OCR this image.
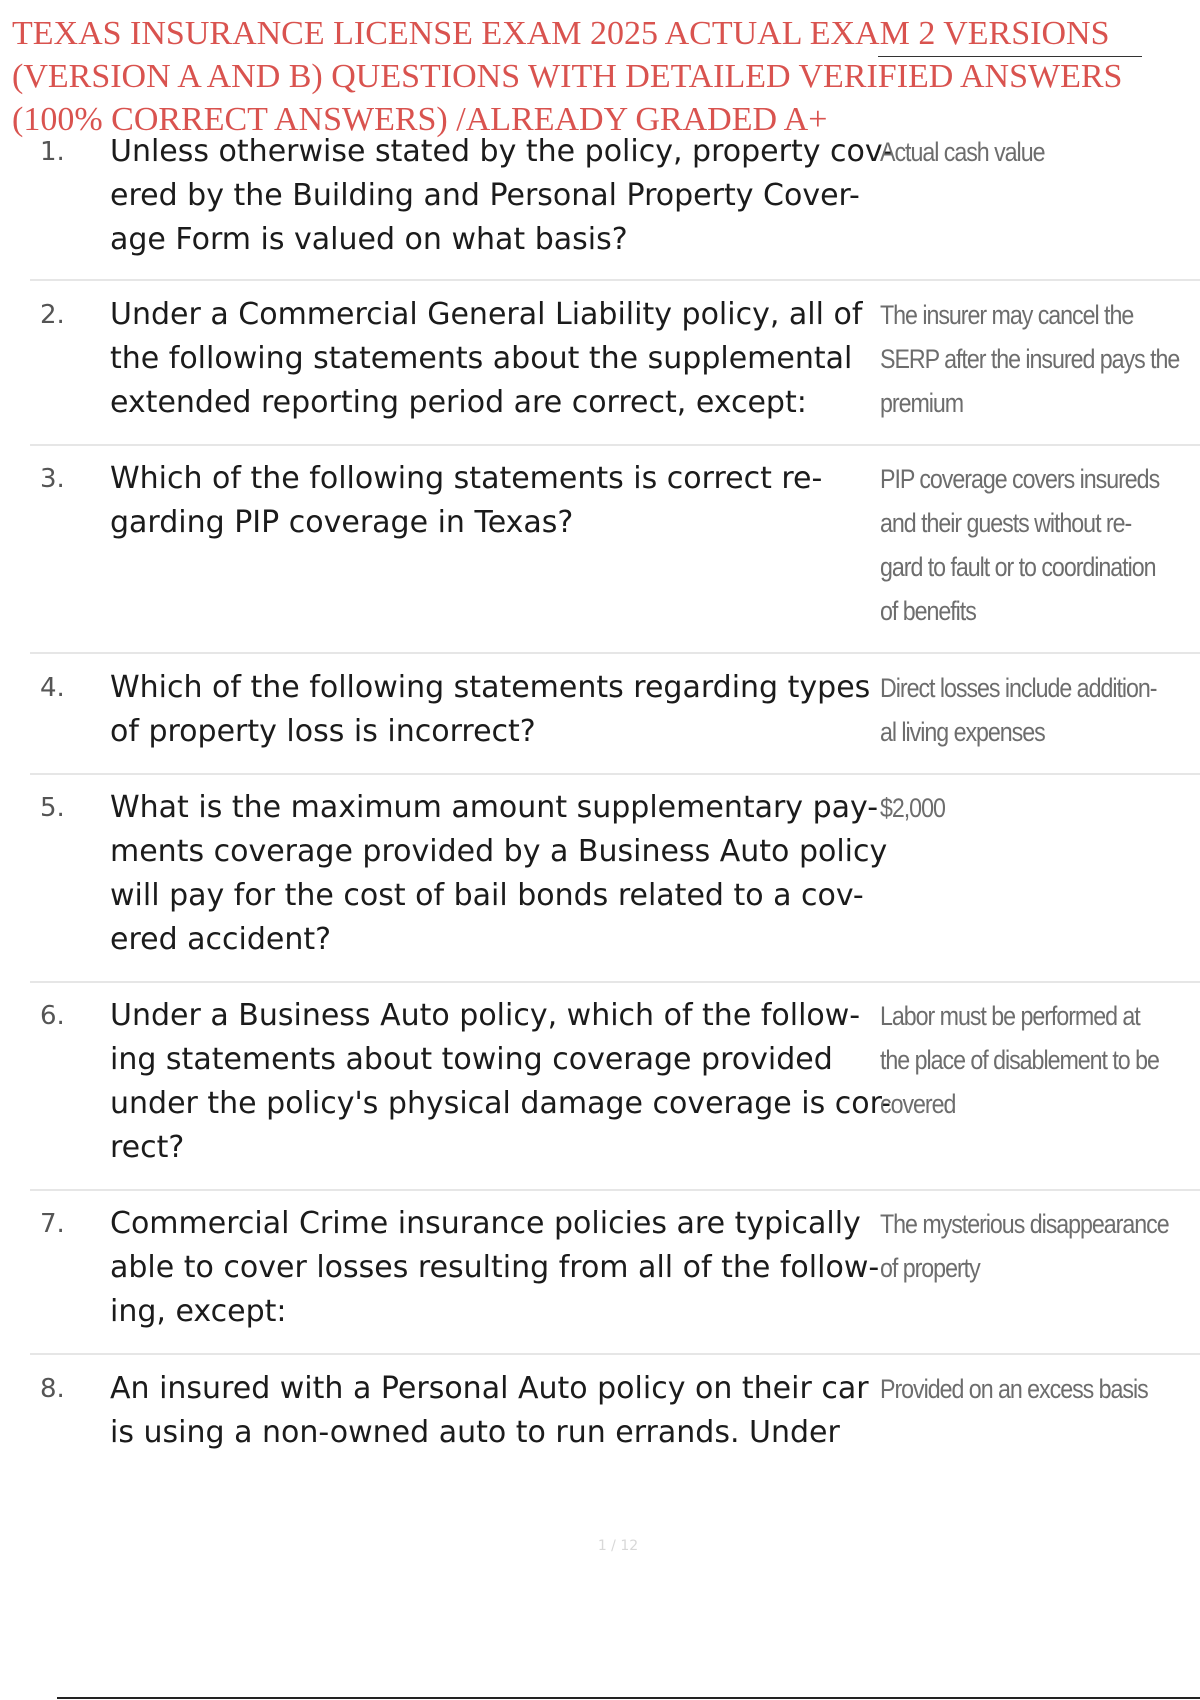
TEXAS INSURANCE LICENSE EXAM 2025 ACTUAL EXAM 2 VERSIONS
(VERSION A AND B) QUESTIONS WITH DETAILED VERIFIED ANSWERS
(100% CORRECT ANSWERS) /ALREADY GRADED A+
1. Unless otherwise stated by the policy, property cov-
ered by the Building and Personal Property Cover-
age Form is valued on what basis?
Actual cash value
2. Under a Commercial General Liability policy, all of
the following statements about the supplemental
extended reporting period are correct, except:
The insurer may cancel the
SERP after the insured pays the
premium
3. Which of the following statements is correct re-
garding PIP coverage in Texas?
PIP coverage covers insureds
and their guests without re-
gard to fault or to coordination
of benefits
4. Which of the following statements regarding types
of property loss is incorrect?
Direct losses include addition-
al living expenses
5. What is the maximum amount supplementary pay-
ments coverage provided by a Business Auto policy
will pay for the cost of bail bonds related to a cov-
ered accident?
$2,000
6. Under a Business Auto policy, which of the follow-
ing statements about towing coverage provided
under the policy's physical damage coverage is cor-
rect?
Labor must be performed at
the place of disablement to be
covered
7. Commercial Crime insurance policies are typically
able to cover losses resulting from all of the follow-
ing, except:
The mysterious disappearance
of property
8. An insured with a Personal Auto policy on their car
is using a non-owned auto to run errands. Under
Provided on an excess basis
1 / 12
